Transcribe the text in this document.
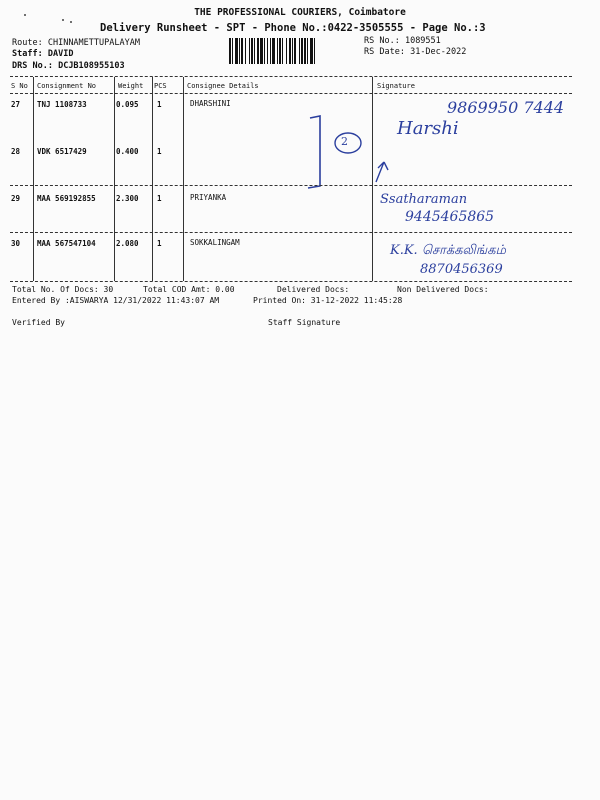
THE PROFESSIONAL COURIERS, Coimbatore
Delivery Runsheet - SPT - Phone No.:0422-3505555 - Page No.:3
Route: CHINNAMETTUPALAYAM
Staff: DAVID
DRS No.: DCJB108955103
RS No.: 1089551
RS Date: 31-Dec-2022
S No Consignment No	Weight PCS	Consignee Details	Signature
27 TNJ 1108733	0.095 1	DHARSHINI	9869950 7444
Harshi
28 VDK 6517429	0.400 1
2
29 MAA 569192855	2.300 1	PRIYANKA	Ssatharaman
9445465865
30 MAA 567547104	2.080 1	SOKKALINGAM
K.K. சொக்கலிங்கம்
8870456369
Total No. Of Docs: 30	Total COD Amt: 0.00	Delivered Docs:	Non Delivered Docs:
Entered By :AISWARYA 12/31/2022 11:43:07 AM	Printed On: 31-12-2022 11:45:28
Verified By	Staff Signature
